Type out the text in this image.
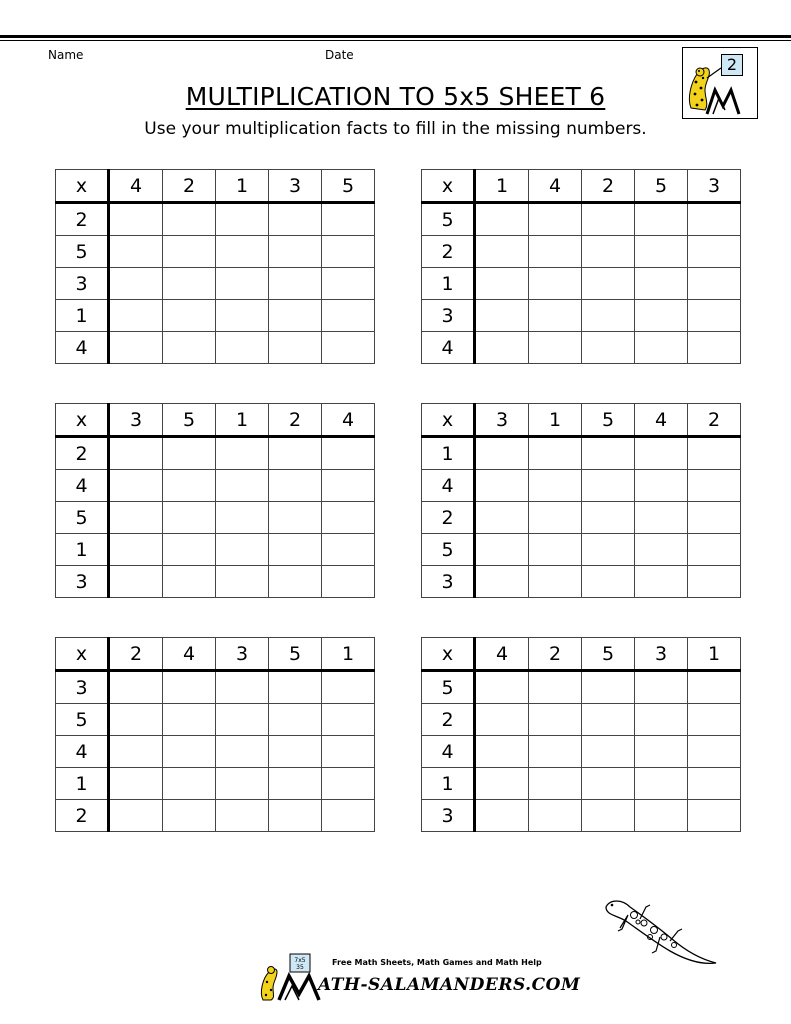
Name	Date	2
MULTIPLICATION TO 5x5 SHEET 6
Use your multiplication facts to fill in the missing numbers.
x	4	2	1	3	5
2					
5					
3					
1					
4					
x	1	4	2	5	3
5					
2					
1					
3					
4					
x	3	5	1	2	4
2					
4					
5					
1					
3					
x	3	1	5	4	2
1					
4					
2					
5					
3					
x	2	4	3	5	1
3					
5					
4					
1					
2					
x	4	2	5	3	1
5					
2					
4					
1					
3					
7x5
35
Free Math Sheets, Math Games and Math Help
ATH-SALAMANDERS.COM
